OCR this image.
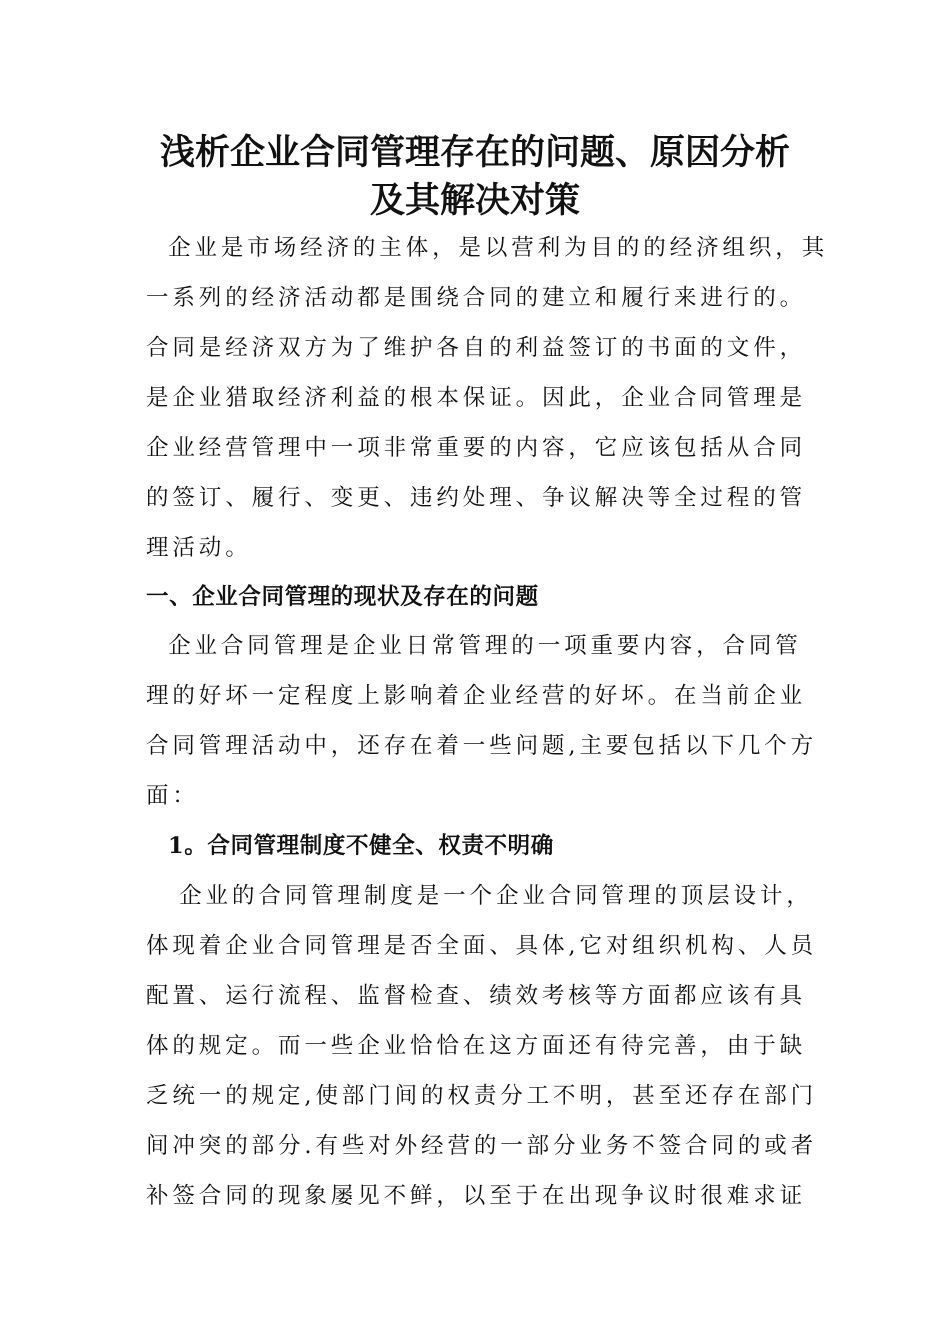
浅析企业合同管理存在的问题、原因分析
及其解决对策
企业是市场经济的主体，是以营利为目的的经济组织，其
一系列的经济活动都是围绕合同的建立和履行来进行的。
合同是经济双方为了维护各自的利益签订的书面的文件，
是企业猎取经济利益的根本保证。因此，企业合同管理是
企业经营管理中一项非常重要的内容，它应该包括从合同
的签订、履行、变更、违约处理、争议解决等全过程的管
理活动。
一、企业合同管理的现状及存在的问题
企业合同管理是企业日常管理的一项重要内容，合同管
理的好坏一定程度上影响着企业经营的好坏。在当前企业
合同管理活动中，还存在着一些问题,主要包括以下几个方
面：
1。合同管理制度不健全、权责不明确
企业的合同管理制度是一个企业合同管理的顶层设计，
体现着企业合同管理是否全面、具体,它对组织机构、人员
配置、运行流程、监督检查、绩效考核等方面都应该有具
体的规定。而一些企业恰恰在这方面还有待完善，由于缺
乏统一的规定,使部门间的权责分工不明，甚至还存在部门
间冲突的部分.有些对外经营的一部分业务不签合同的或者
补签合同的现象屡见不鲜，以至于在出现争议时很难求证
